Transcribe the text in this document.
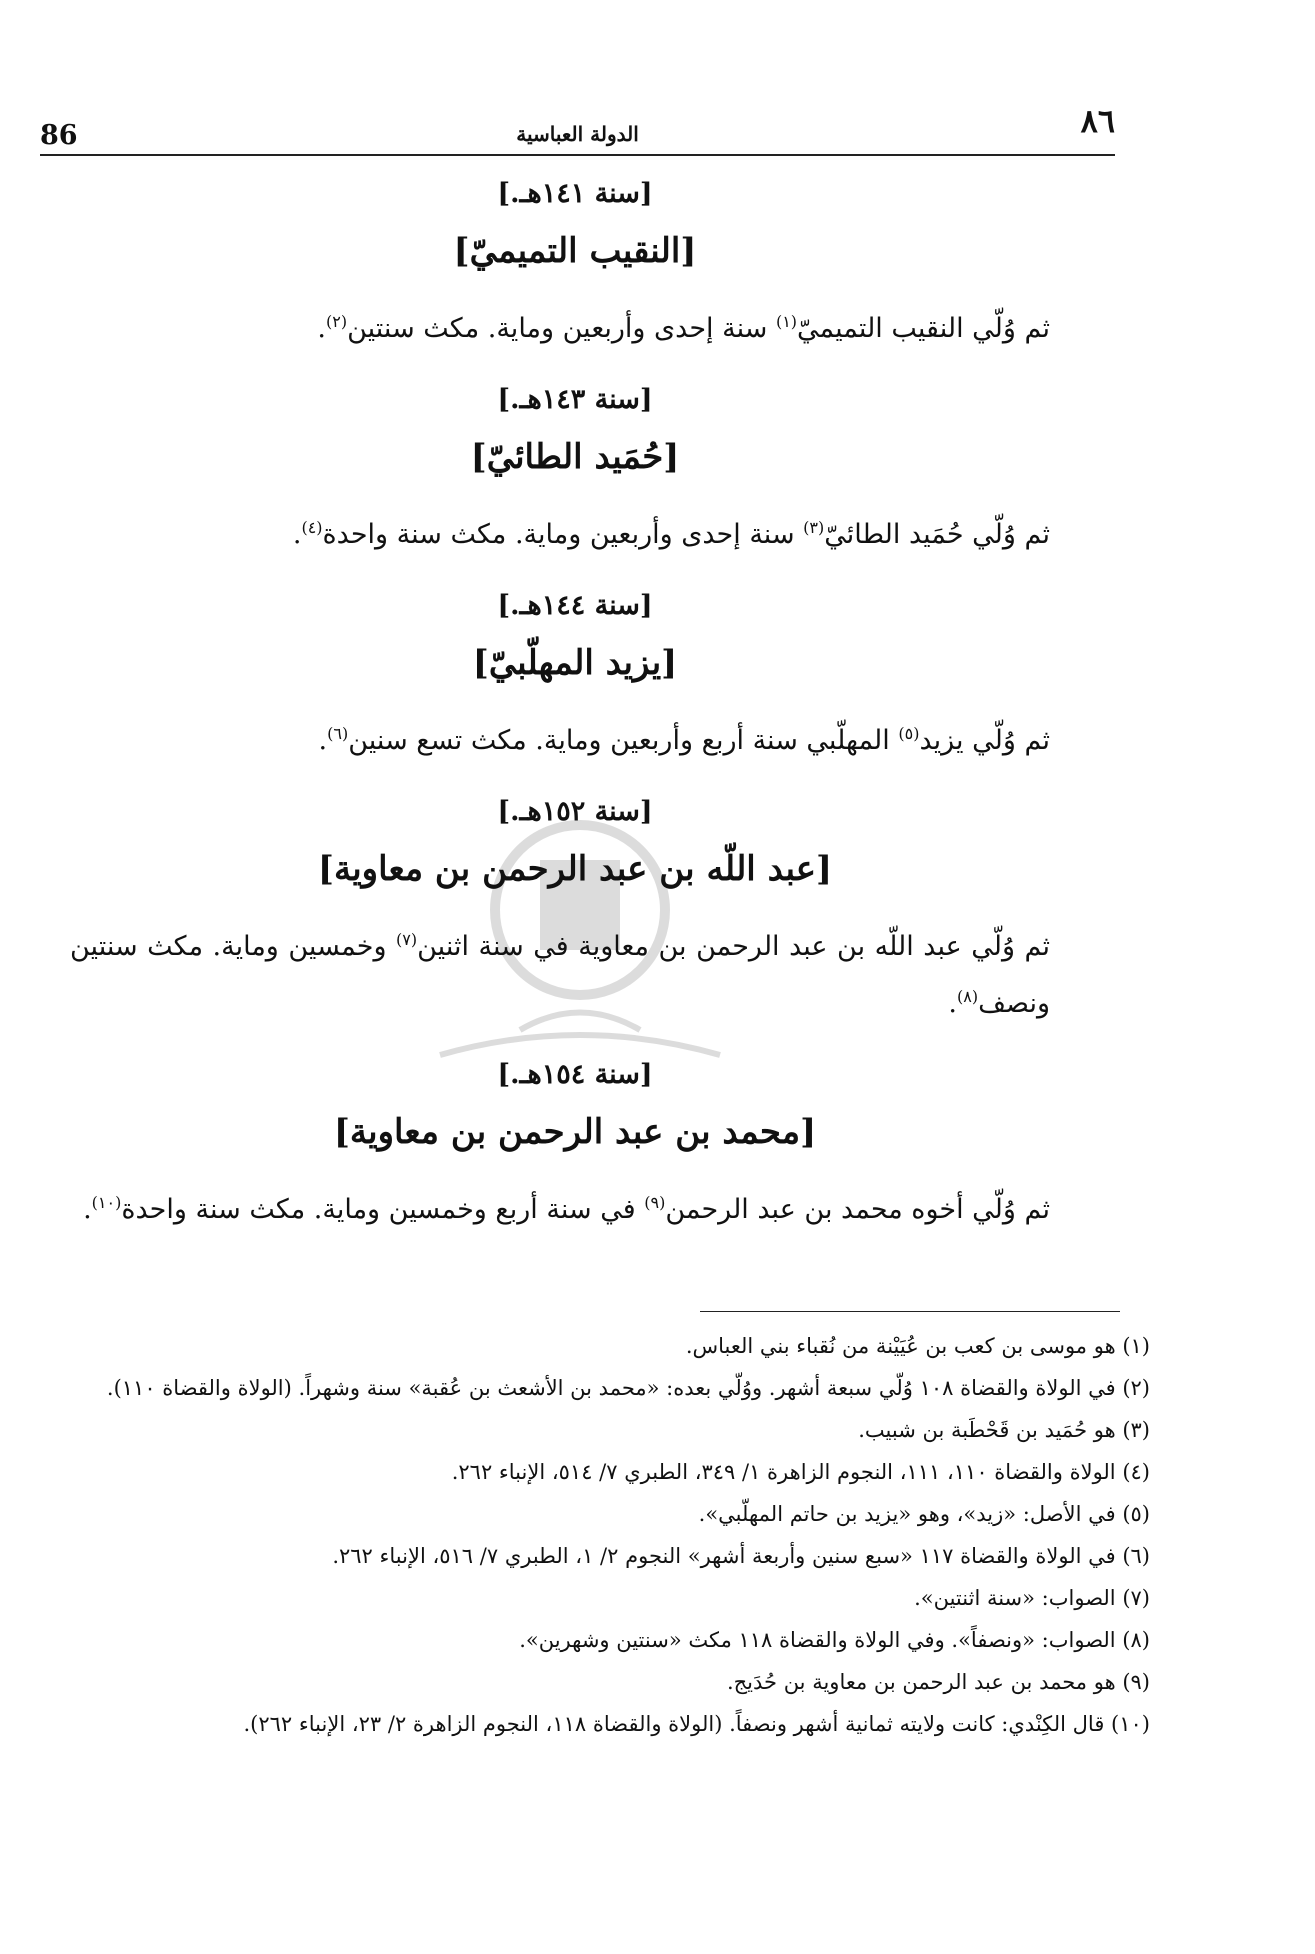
86	الدولة العباسية	٨٦
[سنة ١٤١هـ.]
[النقيب التميميّ]

ثم وُلّي النقيب التميميّ$^{(١)}$ سنة إحدى وأربعين وماية. مكث سنتين$^{(٢)}$.

[سنة ١٤٣هـ.]
[حُمَيد الطائيّ]

ثم وُلّي حُمَيد الطائيّ$^{(٣)}$ سنة إحدى وأربعين وماية. مكث سنة واحدة$^{(٤)}$.

[سنة ١٤٤هـ.]
[يزيد المهلّبيّ]

ثم وُلّي يزيد$^{(٥)}$ المهلّبي سنة أربع وأربعين وماية. مكث تسع سنين$^{(٦)}$.

[سنة ١٥٢هـ.]
[عبد اللّه بن عبد الرحمن بن معاوية]

ثم وُلّي عبد اللّه بن عبد الرحمن بن معاوية في سنة اثنين$^{(٧)}$ وخمسين وماية. مكث سنتين ونصف$^{(٨)}$.

[سنة ١٥٤هـ.]
[محمد بن عبد الرحمن بن معاوية]

ثم وُلّي أخوه محمد بن عبد الرحمن$^{(٩)}$ في سنة أربع وخمسين وماية. مكث سنة واحدة$^{(١٠)}$.

(١) هو موسى بن كعب بن عُيَيْنة من نُقباء بني العباس.

(٢) في الولاة والقضاة ١٠٨ وُلّي سبعة أشهر. ووُلّي بعده: «محمد بن الأشعث بن عُقبة» سنة وشهراً. (الولاة والقضاة ١١٠).

(٣) هو حُمَيد بن قَحْطَبة بن شبيب.

(٤) الولاة والقضاة ١١٠، ١١١، النجوم الزاهرة ١/ ٣٤٩، الطبري ٧/ ٥١٤، الإنباء ٢٦٢.

(٥) في الأصل: «زيد»، وهو «يزيد بن حاتم المهلّبي».

(٦) في الولاة والقضاة ١١٧ «سبع سنين وأربعة أشهر» النجوم ٢/ ١، الطبري ٧/ ٥١٦، الإنباء ٢٦٢.

(٧) الصواب: «سنة اثنتين».

(٨) الصواب: «ونصفاً». وفي الولاة والقضاة ١١٨ مكث «سنتين وشهرين».

(٩) هو محمد بن عبد الرحمن بن معاوية بن حُدَيج.

(١٠) قال الكِنْدي: كانت ولايته ثمانية أشهر ونصفاً. (الولاة والقضاة ١١٨، النجوم الزاهرة ٢/ ٢٣، الإنباء ٢٦٢).
